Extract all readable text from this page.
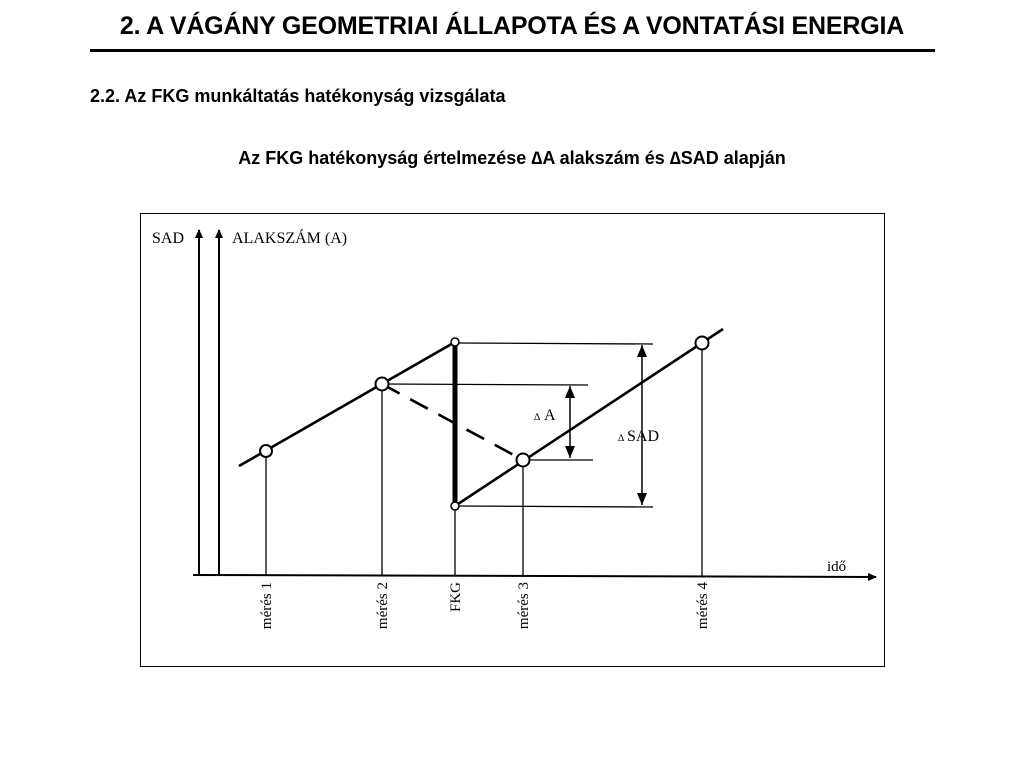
2. A VÁGÁNY GEOMETRIAI ÁLLAPOTA ÉS A VONTATÁSI ENERGIA
2.2. Az FKG munkáltatás hatékonyság vizsgálata
Az FKG hatékonyság értelmezése ∆A alakszám és ∆SAD alapján
SAD	ALAKSZÁM (A)
idő
∆ A
∆ SAD
mérés 1	mérés 2	FKG	mérés 3	mérés 4
